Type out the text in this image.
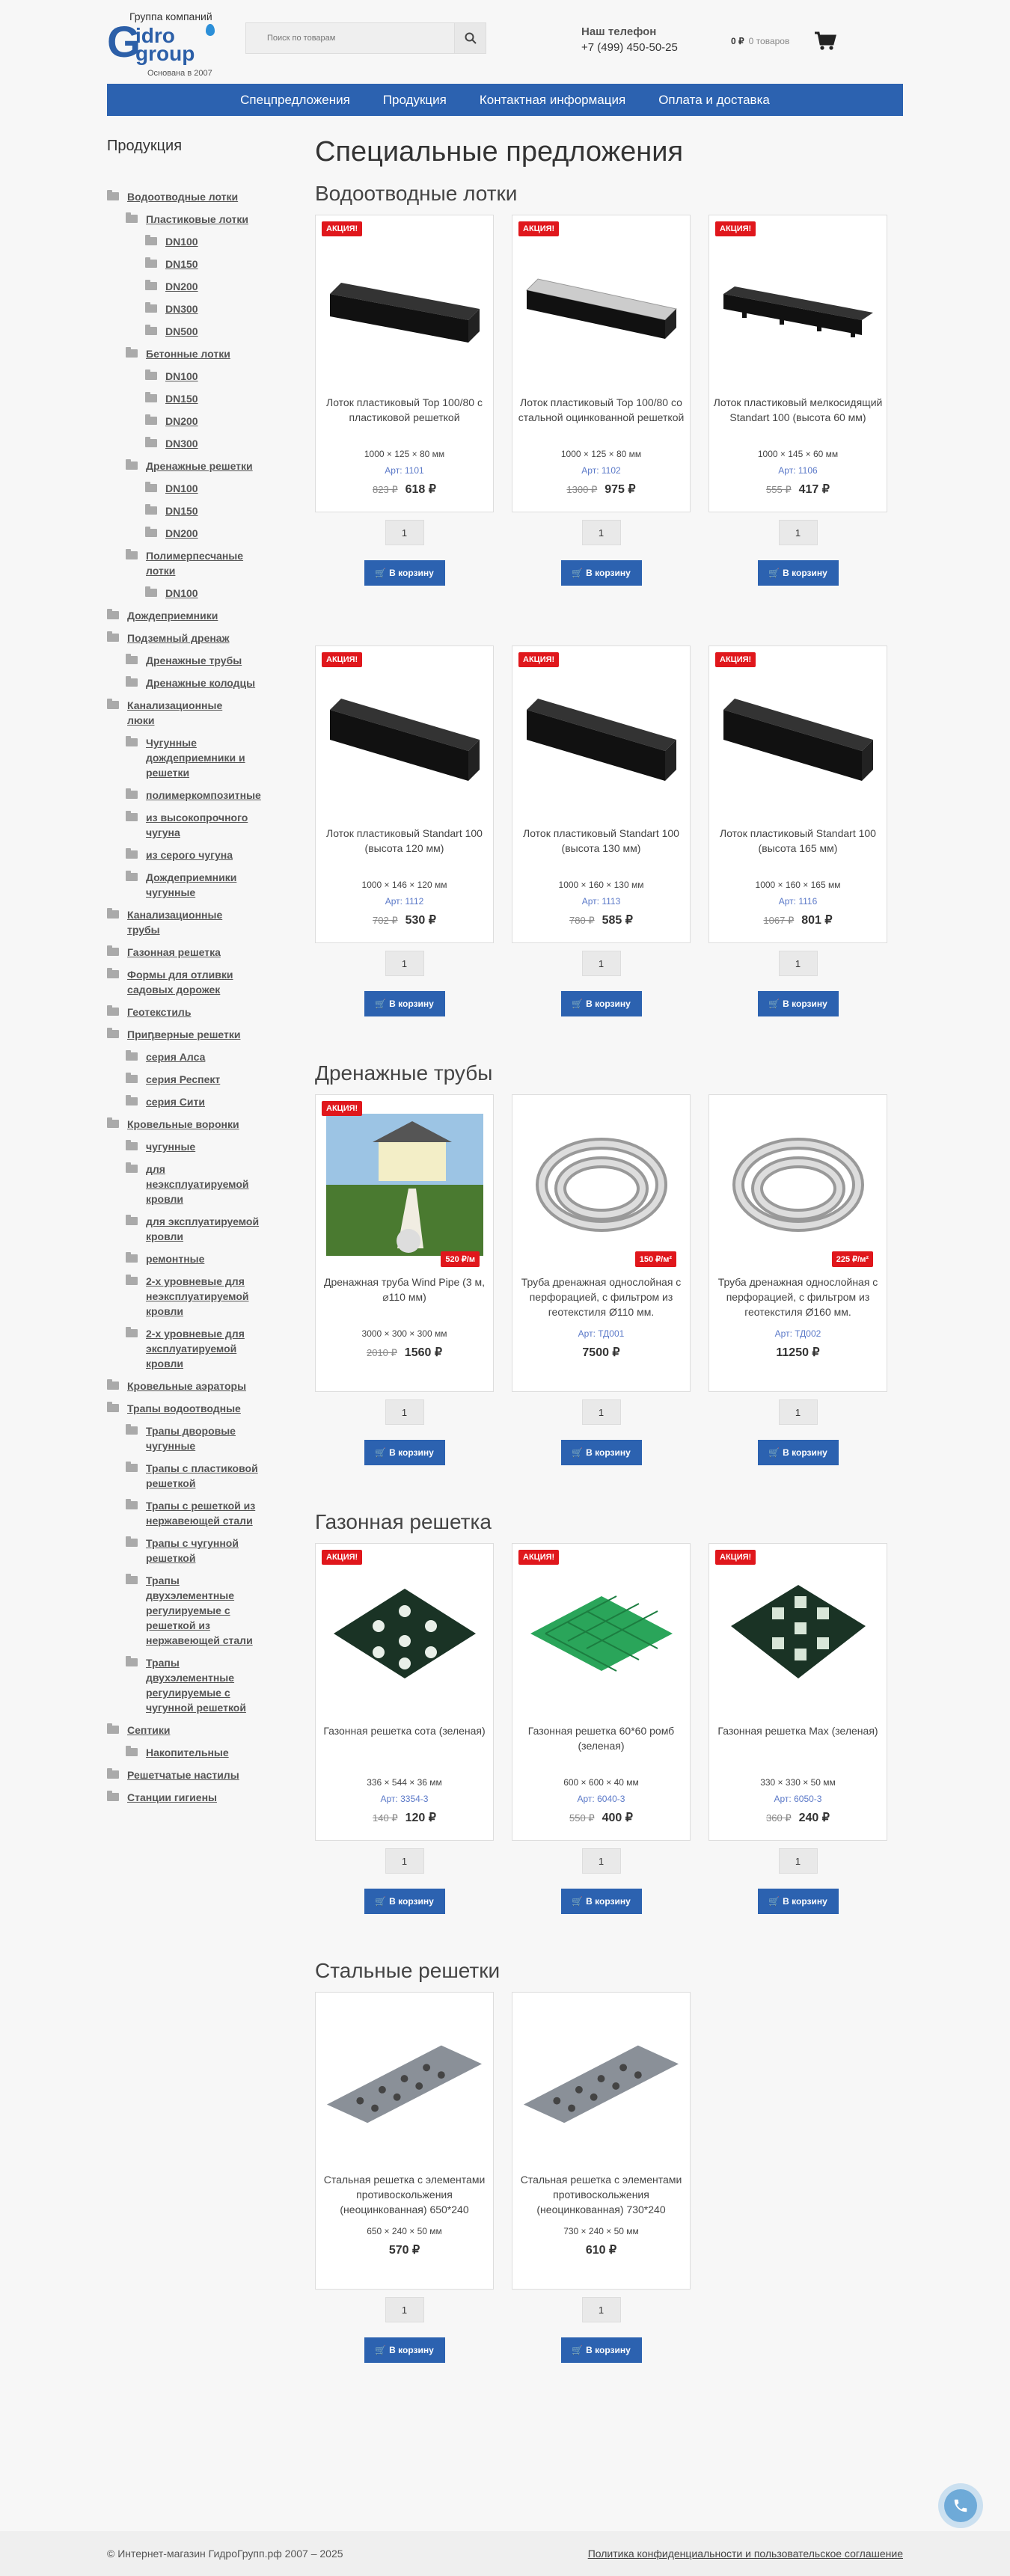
Группа компаний
G
idro
group
Основана в 2007
Поиск по товарам
Наш телефон
+7 (499) 450-50-25	0 ₽ 0 товаров
Спецпредложения	Продукция	Контактная информация	Оплата и доставка
Продукция
Водоотводные лотки
Пластиковые лотки
DN100
DN150
DN200
DN300
DN500
Бетонные лотки
DN100
DN150
DN200
DN300
Дренажные решетки
DN100
DN150
DN200
Полимерпесчаные лотки
DN100
Дождеприемники
Подземный дренаж
Дренажные трубы
Дренажные колодцы
Канализационные люки
Чугунные дождеприемники и решетки
полимеркомпозитные
из высокопрочного чугуна
из серого чугуна
Дождеприемники чугунные
Канализационные трубы
Газонная решетка
Формы для отливки садовых дорожек
Геотекстиль
Приդверные решетки
серия Алса
серия Респект
серия Сити
Кровельные воронки
чугунные
для неэксплуатируемой кровли
для эксплуатируемой кровли
ремонтные
2-х уровневые для неэксплуатируемой кровли
2-х уровневые для эксплуатируемой кровли
Кровельные аэраторы
Трапы водоотводные
Трапы дворовые чугунные
Трапы с пластиковой решеткой
Трапы с решеткой из нержавеющей стали
Трапы с чугунной решеткой
Трапы двухэлементные регулируемые с решеткой из нержавеющей стали
Трапы двухэлементные регулируемые с чугунной решеткой
Септики
Накопительные
Решетчатые настилы
Станции гигиены
Специальные предложения
Водоотводные лотки
АКЦИЯ!
Лоток пластиковый Top 100/80 с пластиковой решеткой
1000 × 125 × 80 мм
Арт: 1101
823 ₽ 618 ₽
1
🛒 В корзину
АКЦИЯ!
Лоток пластиковый Top 100/80 со стальной оцинкованной решеткой
1000 × 125 × 80 мм
Арт: 1102
1300 ₽ 975 ₽
1
🛒 В корзину
АКЦИЯ!
Лоток пластиковый мелкосидящий Standart 100 (высота 60 мм)
1000 × 145 × 60 мм
Арт: 1106
555 ₽ 417 ₽
1
🛒 В корзину
АКЦИЯ!
Лоток пластиковый Standart 100 (высота 120 мм)
1000 × 146 × 120 мм
Арт: 1112
702 ₽ 530 ₽
1
🛒 В корзину
АКЦИЯ!
Лоток пластиковый Standart 100 (высота 130 мм)
1000 × 160 × 130 мм
Арт: 1113
780 ₽ 585 ₽
1
🛒 В корзину
АКЦИЯ!
Лоток пластиковый Standart 100 (высота 165 мм)
1000 × 160 × 165 мм
Арт: 1116
1067 ₽ 801 ₽
1
🛒 В корзину
Дренажные трубы
АКЦИЯ!
520 ₽/м
Дренажная труба Wind Pipe (3 м, ⌀110 мм)
3000 × 300 × 300 мм
2010 ₽ 1560 ₽
1
🛒 В корзину
150 ₽/м²
Труба дренажная однослойная с перфорацией, с фильтром из геотекстиля Ø110 мм.
Арт: ТД001
7500 ₽
1
🛒 В корзину
225 ₽/м²
Труба дренажная однослойная с перфорацией, с фильтром из геотекстиля Ø160 мм.
Арт: ТД002
11250 ₽
1
🛒 В корзину
Газонная решетка
АКЦИЯ!
Газонная решетка сота (зеленая)
336 × 544 × 36 мм
Арт: 3354-3
140 ₽ 120 ₽
1
🛒 В корзину
АКЦИЯ!
Газонная решетка 60*60 ромб (зеленая)
600 × 600 × 40 мм
Арт: 6040-3
550 ₽ 400 ₽
1
🛒 В корзину
АКЦИЯ!
Газонная решетка Max (зеленая)
330 × 330 × 50 мм
Арт: 6050-3
360 ₽ 240 ₽
1
🛒 В корзину
Стальные решетки
Стальная решетка с элементами противоскольжения (неоцинкованная) 650*240
650 × 240 × 50 мм
570 ₽
1
🛒 В корзину
Стальная решетка с элементами противоскольжения (неоцинкованная) 730*240
730 × 240 × 50 мм
610 ₽
1
🛒 В корзину
© Интернет-магазин ГидроГрупп.рф 2007 – 2025	Политика конфиденциальности и пользовательское соглашение
